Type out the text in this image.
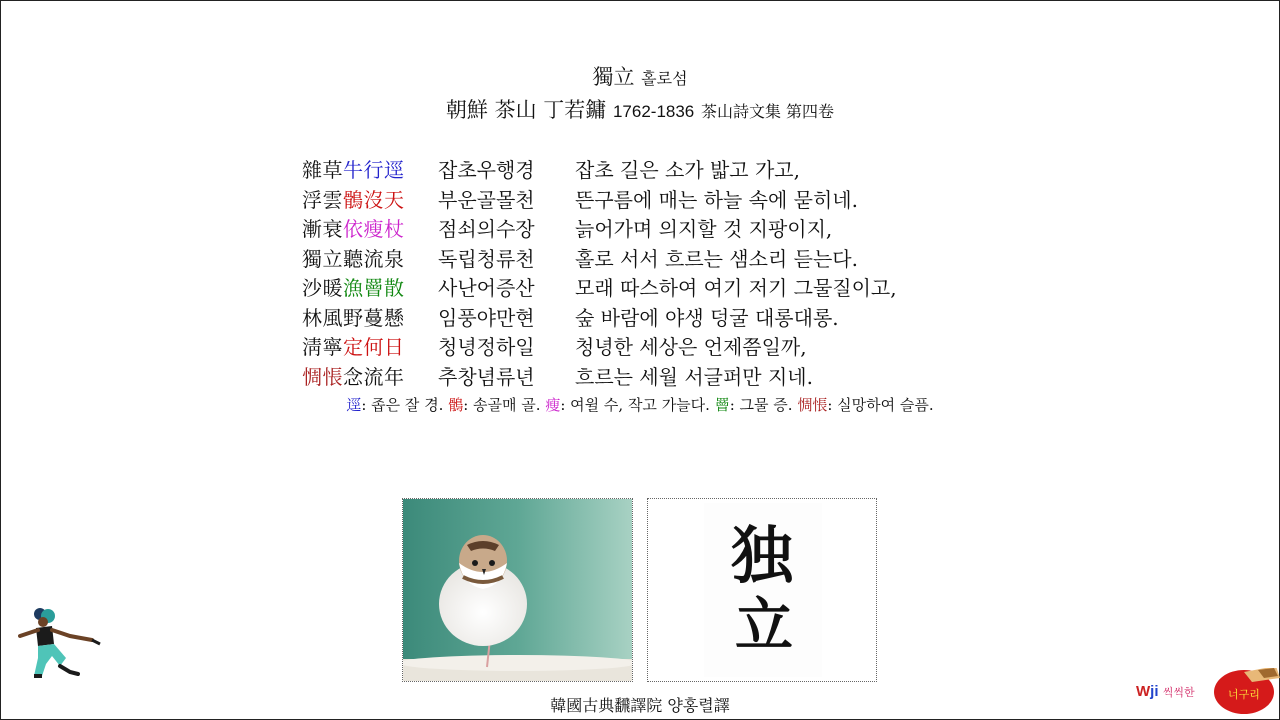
獨立 홀로섬
朝鮮 茶山 丁若鏞 1762-1836 茶山詩文集 第四卷
雜草牛行逕	잡초우행경	잡초 길은 소가 밟고 가고,
浮雲鶻沒天	부운골몰천	뜬구름에 매는 하늘 속에 묻히네.
漸衰依瘦杖	점쇠의수장	늙어가며 의지할 것 지팡이지,
獨立聽流泉	독립청류천	홀로 서서 흐르는 샘소리 듣는다.
沙暖漁罾散	사난어증산	모래 따스하여 여기 저기 그물질이고,
林風野蔓懸	임풍야만현	숲 바람에 야생 덩굴 대롱대롱.
淸寧定何日	청녕정하일	청녕한 세상은 언제쯤일까,
惆悵念流年	추창념류년	흐르는 세월 서글퍼만 지네.
逕: 좁은 잘 경. 鶻: 송골매 골. 瘦: 여윌 수, 작고 가늘다. 罾: 그물 증. 惆悵: 실망하여 슬픔.
独
立
韓國古典飜譯院 양홍렬譯
너구리
Wji 씩씩한
